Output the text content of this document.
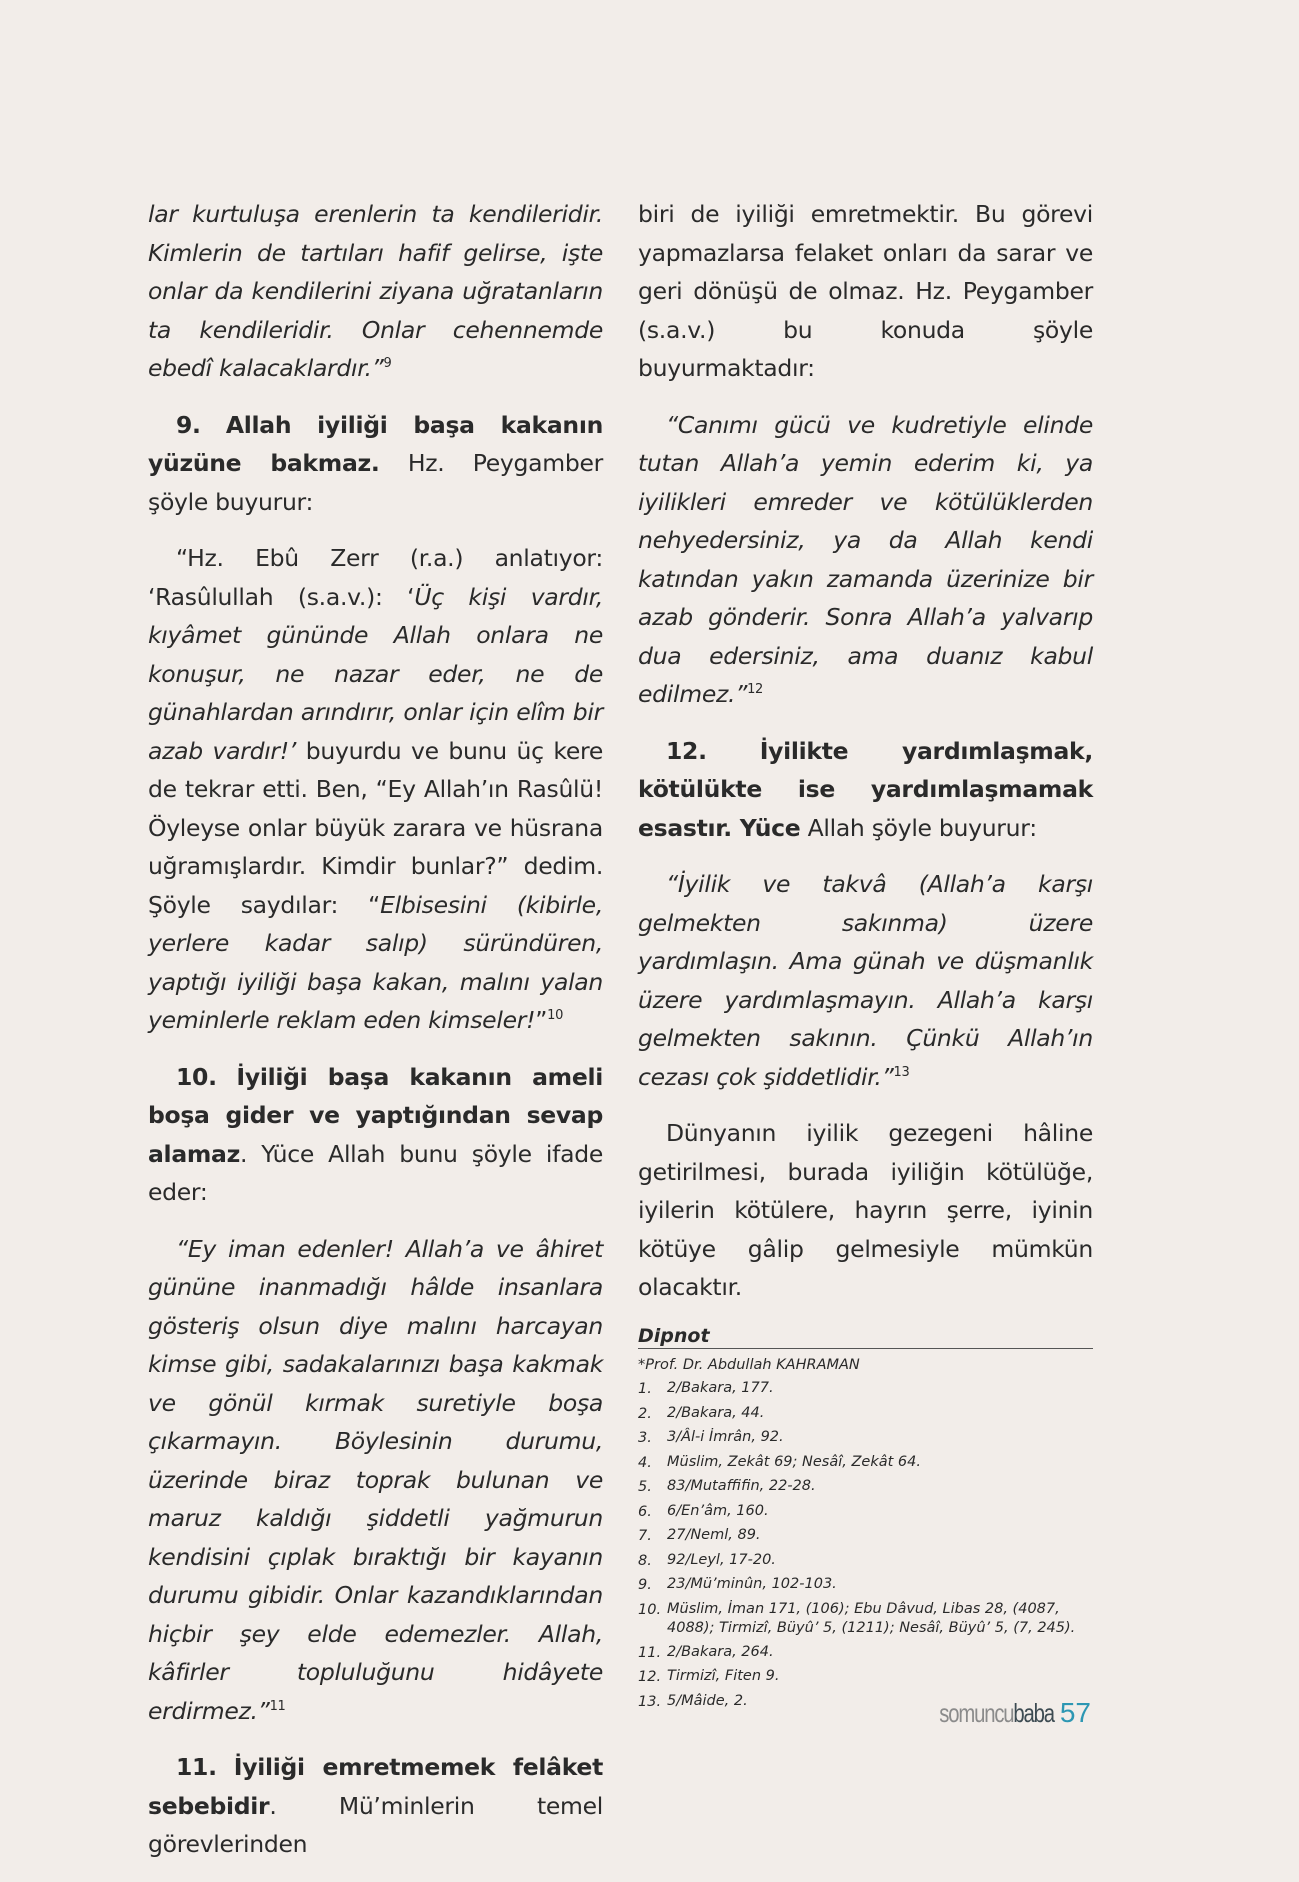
lar kurtuluşa erenlerin ta kendileridir. Kimlerin de tartıları hafif gelirse, işte onlar da kendilerini ziyana uğratanların ta kendileridir. Onlar cehennemde ebedî kalacaklardır.”$^9$

9. Allah iyiliği başa kakanın yüzüne bakmaz. Hz. Peygamber şöyle buyurur:

“Hz. Ebû Zerr (r.a.) anlatıyor: ‘Rasûlullah (s.a.v.): ‘Üç kişi vardır, kıyâmet gününde Allah onlara ne konuşur, ne nazar eder, ne de günahlardan arındırır, onlar için elîm bir azab vardır!’ buyurdu ve bunu üç kere de tekrar etti. Ben, “Ey Allah’ın Rasûlü! Öyleyse onlar büyük zarara ve hüsrana uğramışlardır. Kimdir bunlar?” dedim. Şöyle saydılar: “Elbisesini (kibirle, yerlere kadar salıp) süründüren, yaptığı iyiliği başa kakan, malını yalan yeminlerle reklam eden kimseler!”$^{10}$

10. İyiliği başa kakanın ameli boşa gider ve yaptığından sevap alamaz. Yüce Allah bunu şöyle ifade eder:

“Ey iman edenler! Allah’a ve âhiret gününe inanmadığı hâlde insanlara gösteriş olsun diye malını harcayan kimse gibi, sadakalarınızı başa kakmak ve gönül kırmak suretiyle boşa çıkarmayın. Böylesinin durumu, üzerinde biraz toprak bulunan ve maruz kaldığı şiddetli yağmurun kendisini çıplak bıraktığı bir kayanın durumu gibidir. Onlar kazandıklarından hiçbir şey elde edemezler. Allah, kâfirler topluluğunu hidâyete erdirmez.”$^{11}$

11. İyiliği emretmemek felâket sebebidir. Mü’minlerin temel görevlerinden

biri de iyiliği emretmektir. Bu görevi yapmazlarsa felaket onları da sarar ve geri dönüşü de olmaz. Hz. Peygamber (s.a.v.) bu konuda şöyle buyurmaktadır:

“Canımı gücü ve kudretiyle elinde tutan Allah’a yemin ederim ki, ya iyilikleri emreder ve kötülüklerden nehyedersiniz, ya da Allah kendi katından yakın zamanda üzerinize bir azab gönderir. Sonra Allah’a yalvarıp dua edersiniz, ama duanız kabul edilmez.”$^{12}$

12. İyilikte yardımlaşmak, kötülükte ise yardımlaşmamak esastır. Yüce Allah şöyle buyurur:

“İyilik ve takvâ (Allah’a karşı gelmekten sakınma) üzere yardımlaşın. Ama günah ve düşmanlık üzere yardımlaşmayın. Allah’a karşı gelmekten sakının. Çünkü Allah’ın cezası çok şiddetlidir.”$^{13}$

Dünyanın iyilik gezegeni hâline getirilmesi, burada iyiliğin kötülüğe, iyilerin kötülere, hayrın şerre, iyinin kötüye gâlip gelmesiyle mümkün olacaktır.

Dipnot
*Prof. Dr. Abdullah KAHRAMAN
1.	2/Bakara, 177.
2.	2/Bakara, 44.
3.	3/Âl-i İmrân, 92.
4.	Müslim, Zekât 69; Nesâî, Zekât 64.
5.	83/Mutaffifin, 22-28.
6.	6/En’âm, 160.
7.	27/Neml, 89.
8.	92/Leyl, 17-20.
9.	23/Mü’minûn, 102-103.
10. Müslim, İman 171, (106); Ebu Dâvud, Libas 28, (4087, 4088); Tirmizî, Büyû’ 5, (1211); Nesâî, Büyû’ 5, (7, 245).
11. 2/Bakara, 264.
12. Tirmizî, Fiten 9.
13. 5/Mâide, 2.	somuncubaba 57
